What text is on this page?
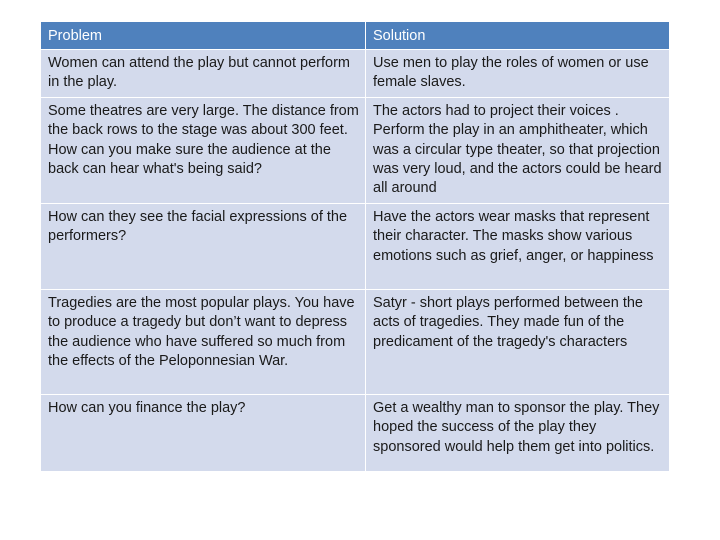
Problem	Solution
Women can attend the play but cannot perform in the play.	Use men to play the roles of women or use female slaves.
Some theatres are very large. The distance from the back rows to the stage was about 300 feet.
How can you make sure the audience at the back can hear what's being said?	The actors had to project their voices . Perform the play in an amphitheater, which was a circular type theater, so that projection was very loud, and the actors could be heard all around
How can they see the facial expressions of the performers?	Have the actors wear masks that represent their character. The masks show various emotions such as grief, anger, or happiness
Tragedies are the most popular plays. You have to produce a tragedy but don’t want to depress the audience who have suffered so much from the effects of the Peloponnesian War.	Satyr - short plays performed between the acts of tragedies. They made fun of the predicament of the tragedy's characters
How can you finance the play?	Get a wealthy man to sponsor the play. They hoped the success of the play they sponsored would help them get into politics.
